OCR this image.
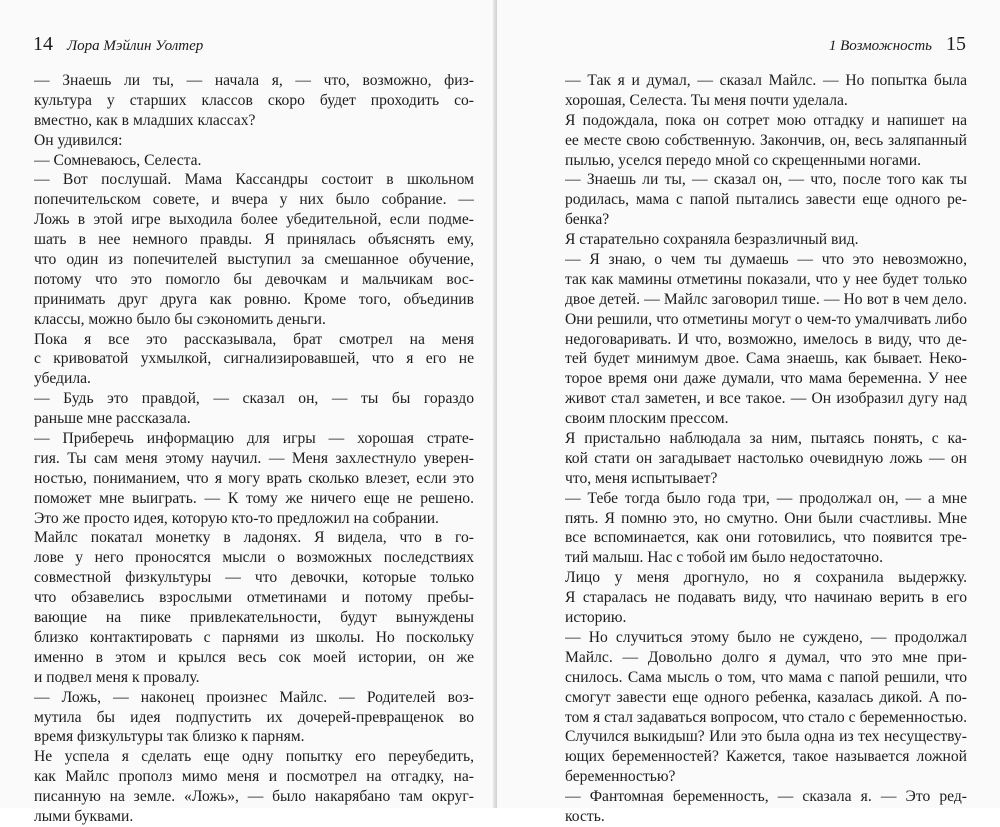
14 Лора Мэйлин Уолтер
— Знаешь ли ты, — начала я, — что, возможно, физ-
культура у старших классов скоро будет проходить со-
вместно, как в младших классах?
Он удивился:
— Сомневаюсь, Селеста.
— Вот послушай. Мама Кассандры состоит в школьном
попечительском совете, и вчера у них было собрание. —
Ложь в этой игре выходила более убедительной, если подме-
шать в нее немного правды. Я принялась объяснять ему,
что один из попечителей выступил за смешанное обучение,
потому что это помогло бы девочкам и мальчикам вос-
принимать друг друга как ровню. Кроме того, объединив
классы, можно было бы сэкономить деньги.
Пока я все это рассказывала, брат смотрел на меня
с кривоватой ухмылкой, сигнализировавшей, что я его не
убедила.
— Будь это правдой, — сказал он, — ты бы гораздо
раньше мне рассказала.
— Приберечь информацию для игры — хорошая страте-
гия. Ты сам меня этому научил. — Меня захлестнуло уверен-
ностью, пониманием, что я могу врать сколько влезет, если это
поможет мне выиграть. — К тому же ничего еще не решено.
Это же просто идея, которую кто-то предложил на собрании.
Майлс покатал монетку в ладонях. Я видела, что в го-
лове у него проносятся мысли о возможных последствиях
совместной физкультуры — что девочки, которые только
что обзавелись взрослыми отметинами и потому пребы-
вающие на пике привлекательности, будут вынуждены
близко контактировать с парнями из школы. Но поскольку
именно в этом и крылся весь сок моей истории, он же
и подвел меня к провалу.
— Ложь, — наконец произнес Майлс. — Родителей воз-
мутила бы идея подпустить их дочерей-превращенок во
время физкультуры так близко к парням.
Не успела я сделать еще одну попытку его переубедить,
как Майлс прополз мимо меня и посмотрел на отгадку, на-
писанную на земле. «Ложь», — было накарябано там округ-
лыми буквами.
1 Возможность 15
— Так я и думал, — сказал Майлс. — Но попытка была
хорошая, Селеста. Ты меня почти уделала.
Я подождала, пока он сотрет мою отгадку и напишет на
ее месте свою собственную. Закончив, он, весь заляпанный
пылью, уселся передо мной со скрещенными ногами.
— Знаешь ли ты, — сказал он, — что, после того как ты
родилась, мама с папой пытались завести еще одного ре-
бенка?
Я старательно сохраняла безразличный вид.
— Я знаю, о чем ты думаешь — что это невозможно,
так как мамины отметины показали, что у нее будет только
двое детей. — Майлс заговорил тише. — Но вот в чем дело.
Они решили, что отметины могут о чем-то умалчивать либо
недоговаривать. И что, возможно, имелось в виду, что де-
тей будет минимум двое. Сама знаешь, как бывает. Неко-
торое время они даже думали, что мама беременна. У нее
живот стал заметен, и все такое. — Он изобразил дугу над
своим плоским прессом.
Я пристально наблюдала за ним, пытаясь понять, с ка-
кой стати он загадывает настолько очевидную ложь — он
что, меня испытывает?
— Тебе тогда было года три, — продолжал он, — а мне
пять. Я помню это, но смутно. Они были счастливы. Мне
все вспоминается, как они готовились, что появится тре-
тий малыш. Нас с тобой им было недостаточно.
Лицо у меня дрогнуло, но я сохранила выдержку.
Я старалась не подавать виду, что начинаю верить в его
историю.
— Но случиться этому было не суждено, — продолжал
Майлс. — Довольно долго я думал, что это мне при-
снилось. Сама мысль о том, что мама с папой решили, что
смогут завести еще одного ребенка, казалась дикой. А по-
том я стал задаваться вопросом, что стало с беременностью.
Случился выкидыш? Или это была одна из тех несуществу-
ющих беременностей? Кажется, такое называется ложной
беременностью?
— Фантомная беременность, — сказала я. — Это ред-
кость.
